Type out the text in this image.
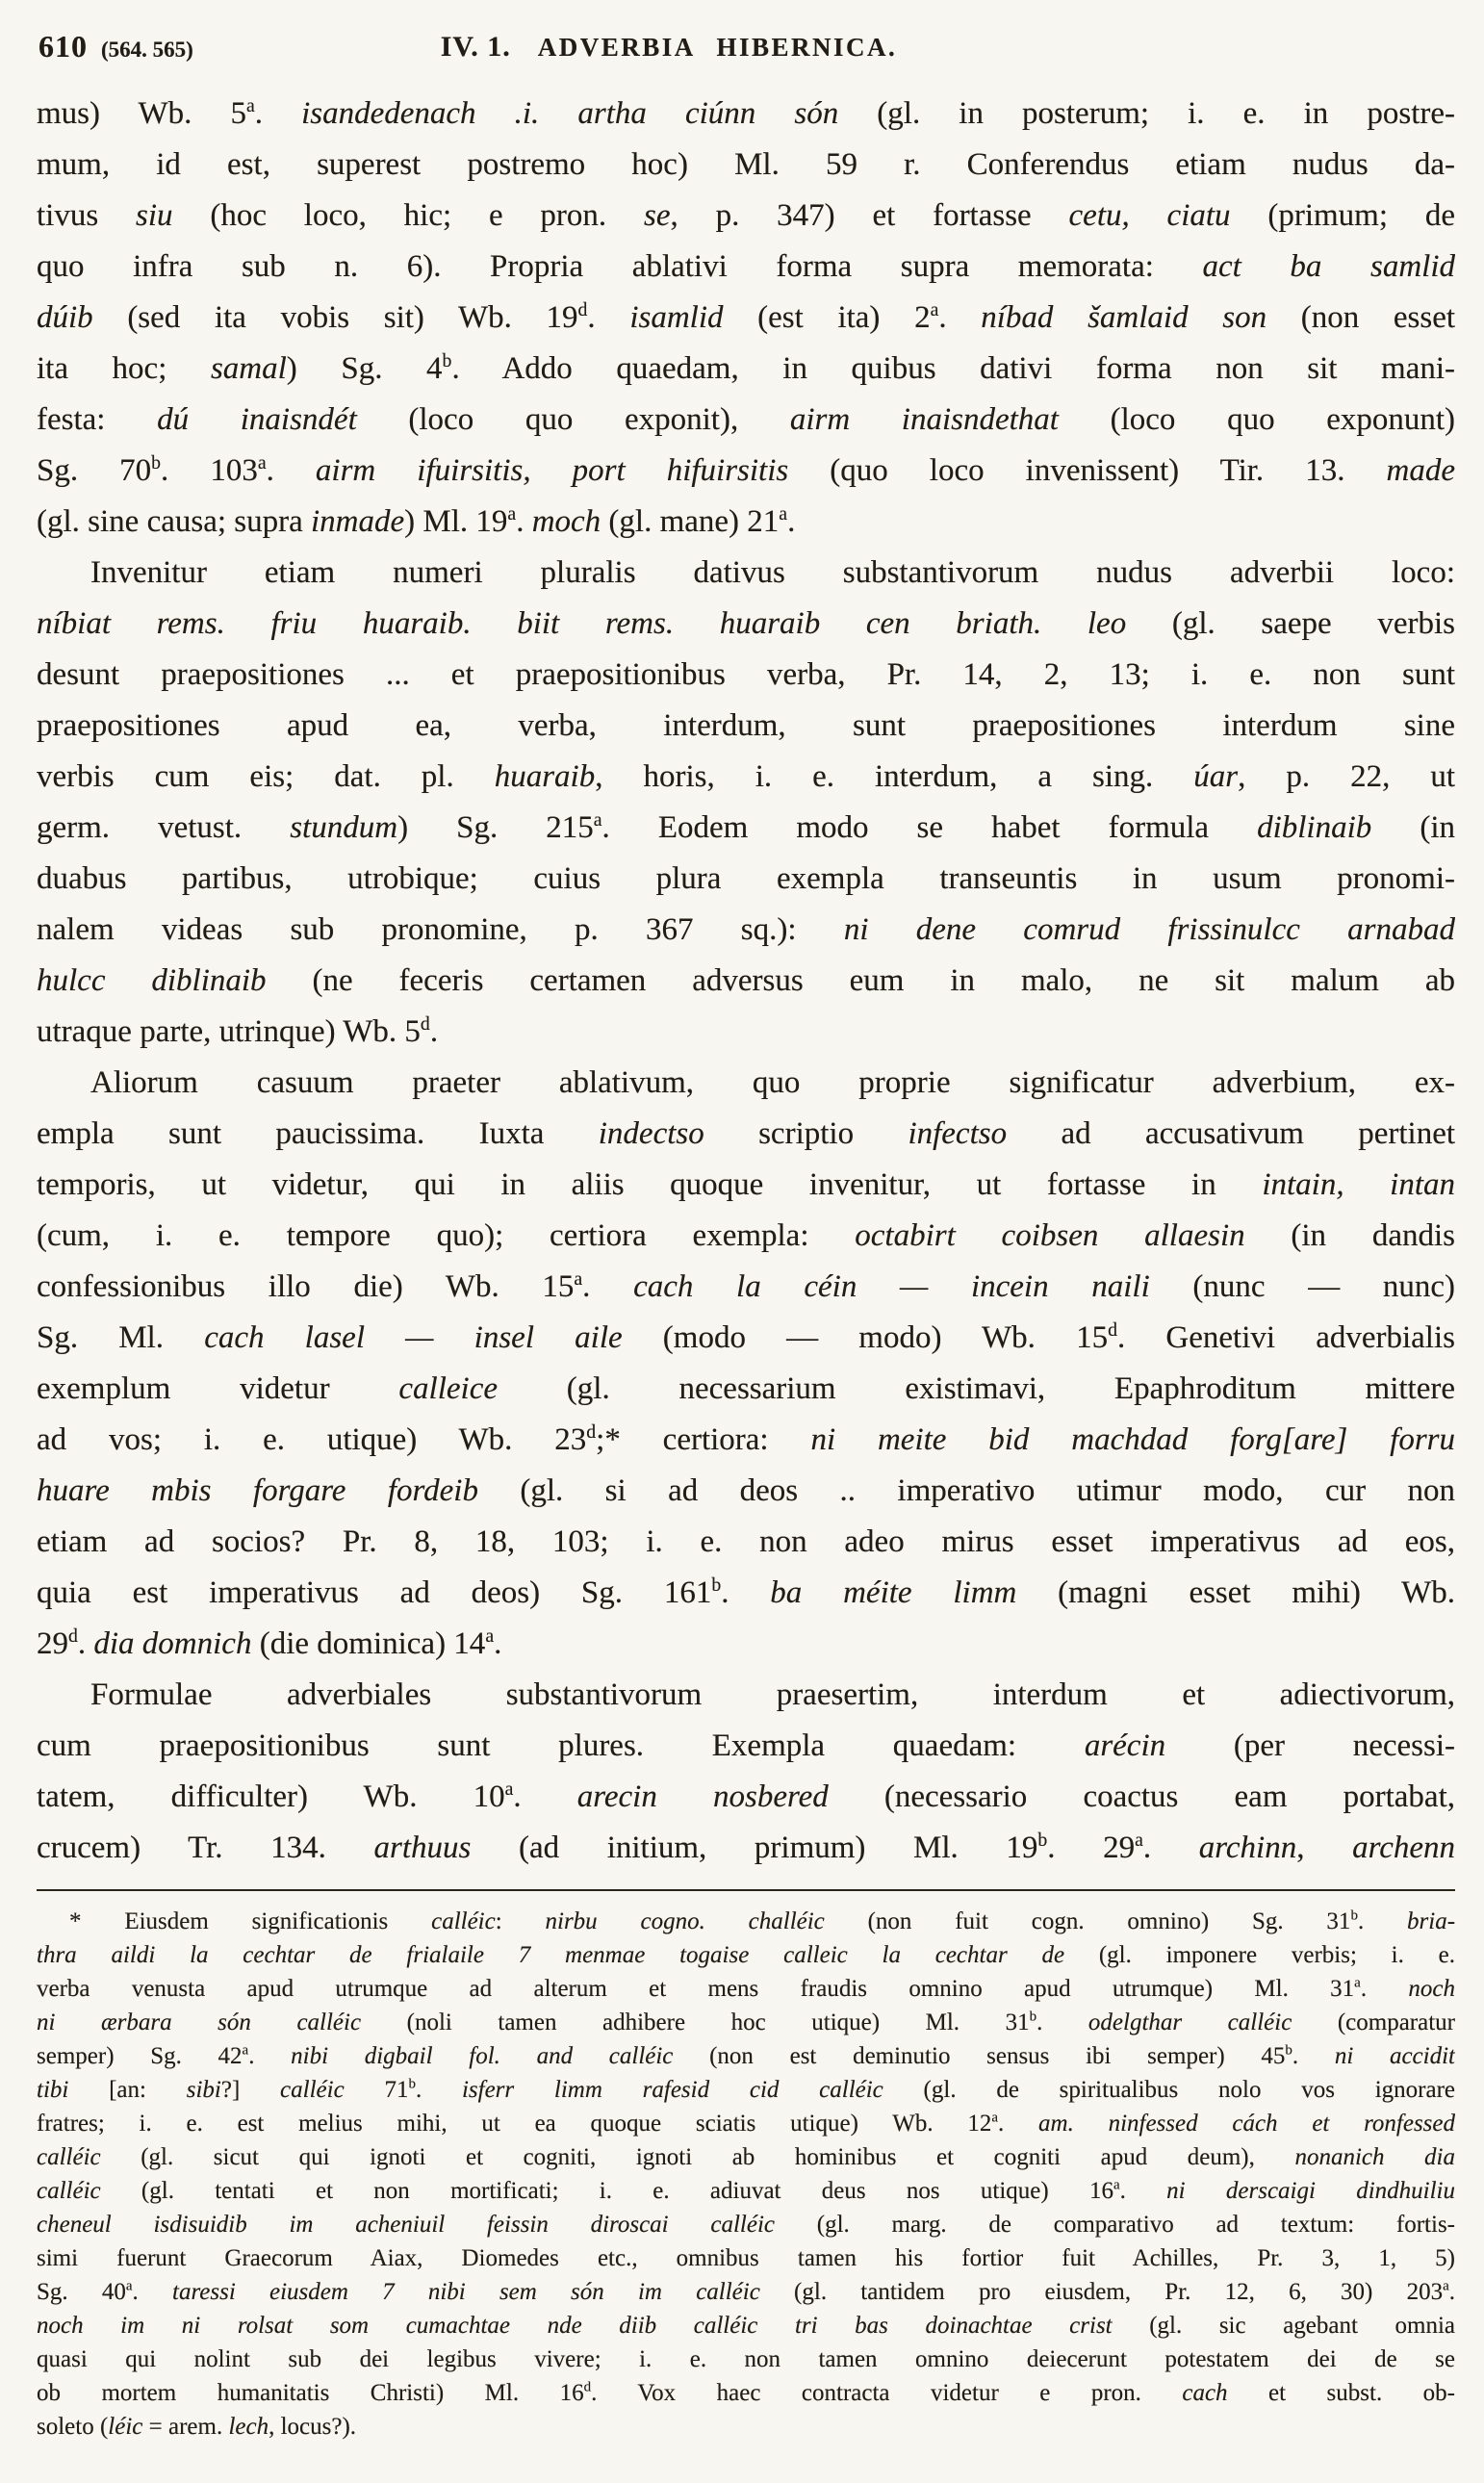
610 (564. 565)	IV. 1. ADVERBIA HIBERNICA.
mus) Wb. 5$^a$. isandedenach .i. artha ciúnn són (gl. in posterum; i. e. in postre-
mum, id est, superest postremo hoc) Ml. 59 r. Conferendus etiam nudus da-
tivus siu (hoc loco, hic; e pron. se, p. 347) et fortasse cetu, ciatu (primum; de
quo infra sub n. 6). Propria ablativi forma supra memorata: act ba samlid
dúib (sed ita vobis sit) Wb. 19$^d$. isamlid (est ita) 2$^a$. níbad šamlaid son (non esset
ita hoc; samal) Sg. 4$^b$. Addo quaedam, in quibus dativi forma non sit mani-
festa: dú inaisndét (loco quo exponit), airm inaisndethat (loco quo exponunt)
Sg. 70$^b$. 103$^a$. airm ifuirsitis, port hifuirsitis (quo loco invenissent) Tir. 13. made
(gl. sine causa; supra inmade) Ml. 19$^a$. moch (gl. mane) 21$^a$.
Invenitur etiam numeri pluralis dativus substantivorum nudus adverbii loco:
níbiat rems. friu huaraib. biit rems. huaraib cen briath. leo (gl. saepe verbis
desunt praepositiones ... et praepositionibus verba, Pr. 14, 2, 13; i. e. non sunt
praepositiones apud ea, verba, interdum, sunt praepositiones interdum sine
verbis cum eis; dat. pl. huaraib, horis, i. e. interdum, a sing. úar, p. 22, ut
germ. vetust. stundum) Sg. 215$^a$. Eodem modo se habet formula diblinaib (in
duabus partibus, utrobique; cuius plura exempla transeuntis in usum pronomi-
nalem videas sub pronomine, p. 367 sq.): ni dene comrud frissinulcc arnabad
hulcc diblinaib (ne feceris certamen adversus eum in malo, ne sit malum ab
utraque parte, utrinque) Wb. 5$^d$.
Aliorum casuum praeter ablativum, quo proprie significatur adverbium, ex-
empla sunt paucissima. Iuxta indectso scriptio infectso ad accusativum pertinet
temporis, ut videtur, qui in aliis quoque invenitur, ut fortasse in intain, intan
(cum, i. e. tempore quo); certiora exempla: octabirt coibsen allaesin (in dandis
confessionibus illo die) Wb. 15$^a$. cach la céin — incein naili (nunc — nunc)
Sg. Ml. cach lasel — insel aile (modo — modo) Wb. 15$^d$. Genetivi adverbialis
exemplum videtur calleice (gl. necessarium existimavi, Epaphroditum mittere
ad vos; i. e. utique) Wb. 23$^d$;* certiora: ni meite bid machdad forg[are] forru
huare mbis forgare fordeib (gl. si ad deos .. imperativo utimur modo, cur non
etiam ad socios? Pr. 8, 18, 103; i. e. non adeo mirus esset imperativus ad eos,
quia est imperativus ad deos) Sg. 161$^b$. ba méite limm (magni esset mihi) Wb.
29$^d$. dia domnich (die dominica) 14$^a$.
Formulae adverbiales substantivorum praesertim, interdum et adiectivorum,
cum praepositionibus sunt plures. Exempla quaedam: arécin (per necessi-
tatem, difficulter) Wb. 10$^a$. arecin nosbered (necessario coactus eam portabat,
crucem) Tr. 134. arthuus (ad initium, primum) Ml. 19$^b$. 29$^a$. archinn, archenn
* Eiusdem significationis calléic: nirbu cogno. challéic (non fuit cogn. omnino) Sg. 31$^b$. bria-
thra aildi la cechtar de frialaile 7 menmae togaise calleic la cechtar de (gl. imponere verbis; i. e.
verba venusta apud utrumque ad alterum et mens fraudis omnino apud utrumque) Ml. 31$^a$. noch
ni ærbara són calléic (noli tamen adhibere hoc utique) Ml. 31$^b$. odelgthar calléic (comparatur
semper) Sg. 42$^a$. nibi digbail fol. and calléic (non est deminutio sensus ibi semper) 45$^b$. ni accidit
tibi [an: sibi?] calléic 71$^b$. isferr limm rafesid cid calléic (gl. de spiritualibus nolo vos ignorare
fratres; i. e. est melius mihi, ut ea quoque sciatis utique) Wb. 12$^a$. am. ninfessed cách et ronfessed
calléic (gl. sicut qui ignoti et cogniti, ignoti ab hominibus et cogniti apud deum), nonanich dia
calléic (gl. tentati et non mortificati; i. e. adiuvat deus nos utique) 16$^a$. ni derscaigi dindhuiliu
cheneul isdisuidib im acheniuil feissin diroscai calléic (gl. marg. de comparativo ad textum: fortis-
simi fuerunt Graecorum Aiax, Diomedes etc., omnibus tamen his fortior fuit Achilles, Pr. 3, 1, 5)
Sg. 40$^a$. taressi eiusdem 7 nibi sem són im calléic (gl. tantidem pro eiusdem, Pr. 12, 6, 30) 203$^a$.
noch im ni rolsat som cumachtae nde diib calléic tri bas doinachtae crist (gl. sic agebant omnia
quasi qui nolint sub dei legibus vivere; i. e. non tamen omnino deiecerunt potestatem dei de se
ob mortem humanitatis Christi) Ml. 16$^d$. Vox haec contracta videtur e pron. cach et subst. ob-
soleto (léic = arem. lech, locus?).
